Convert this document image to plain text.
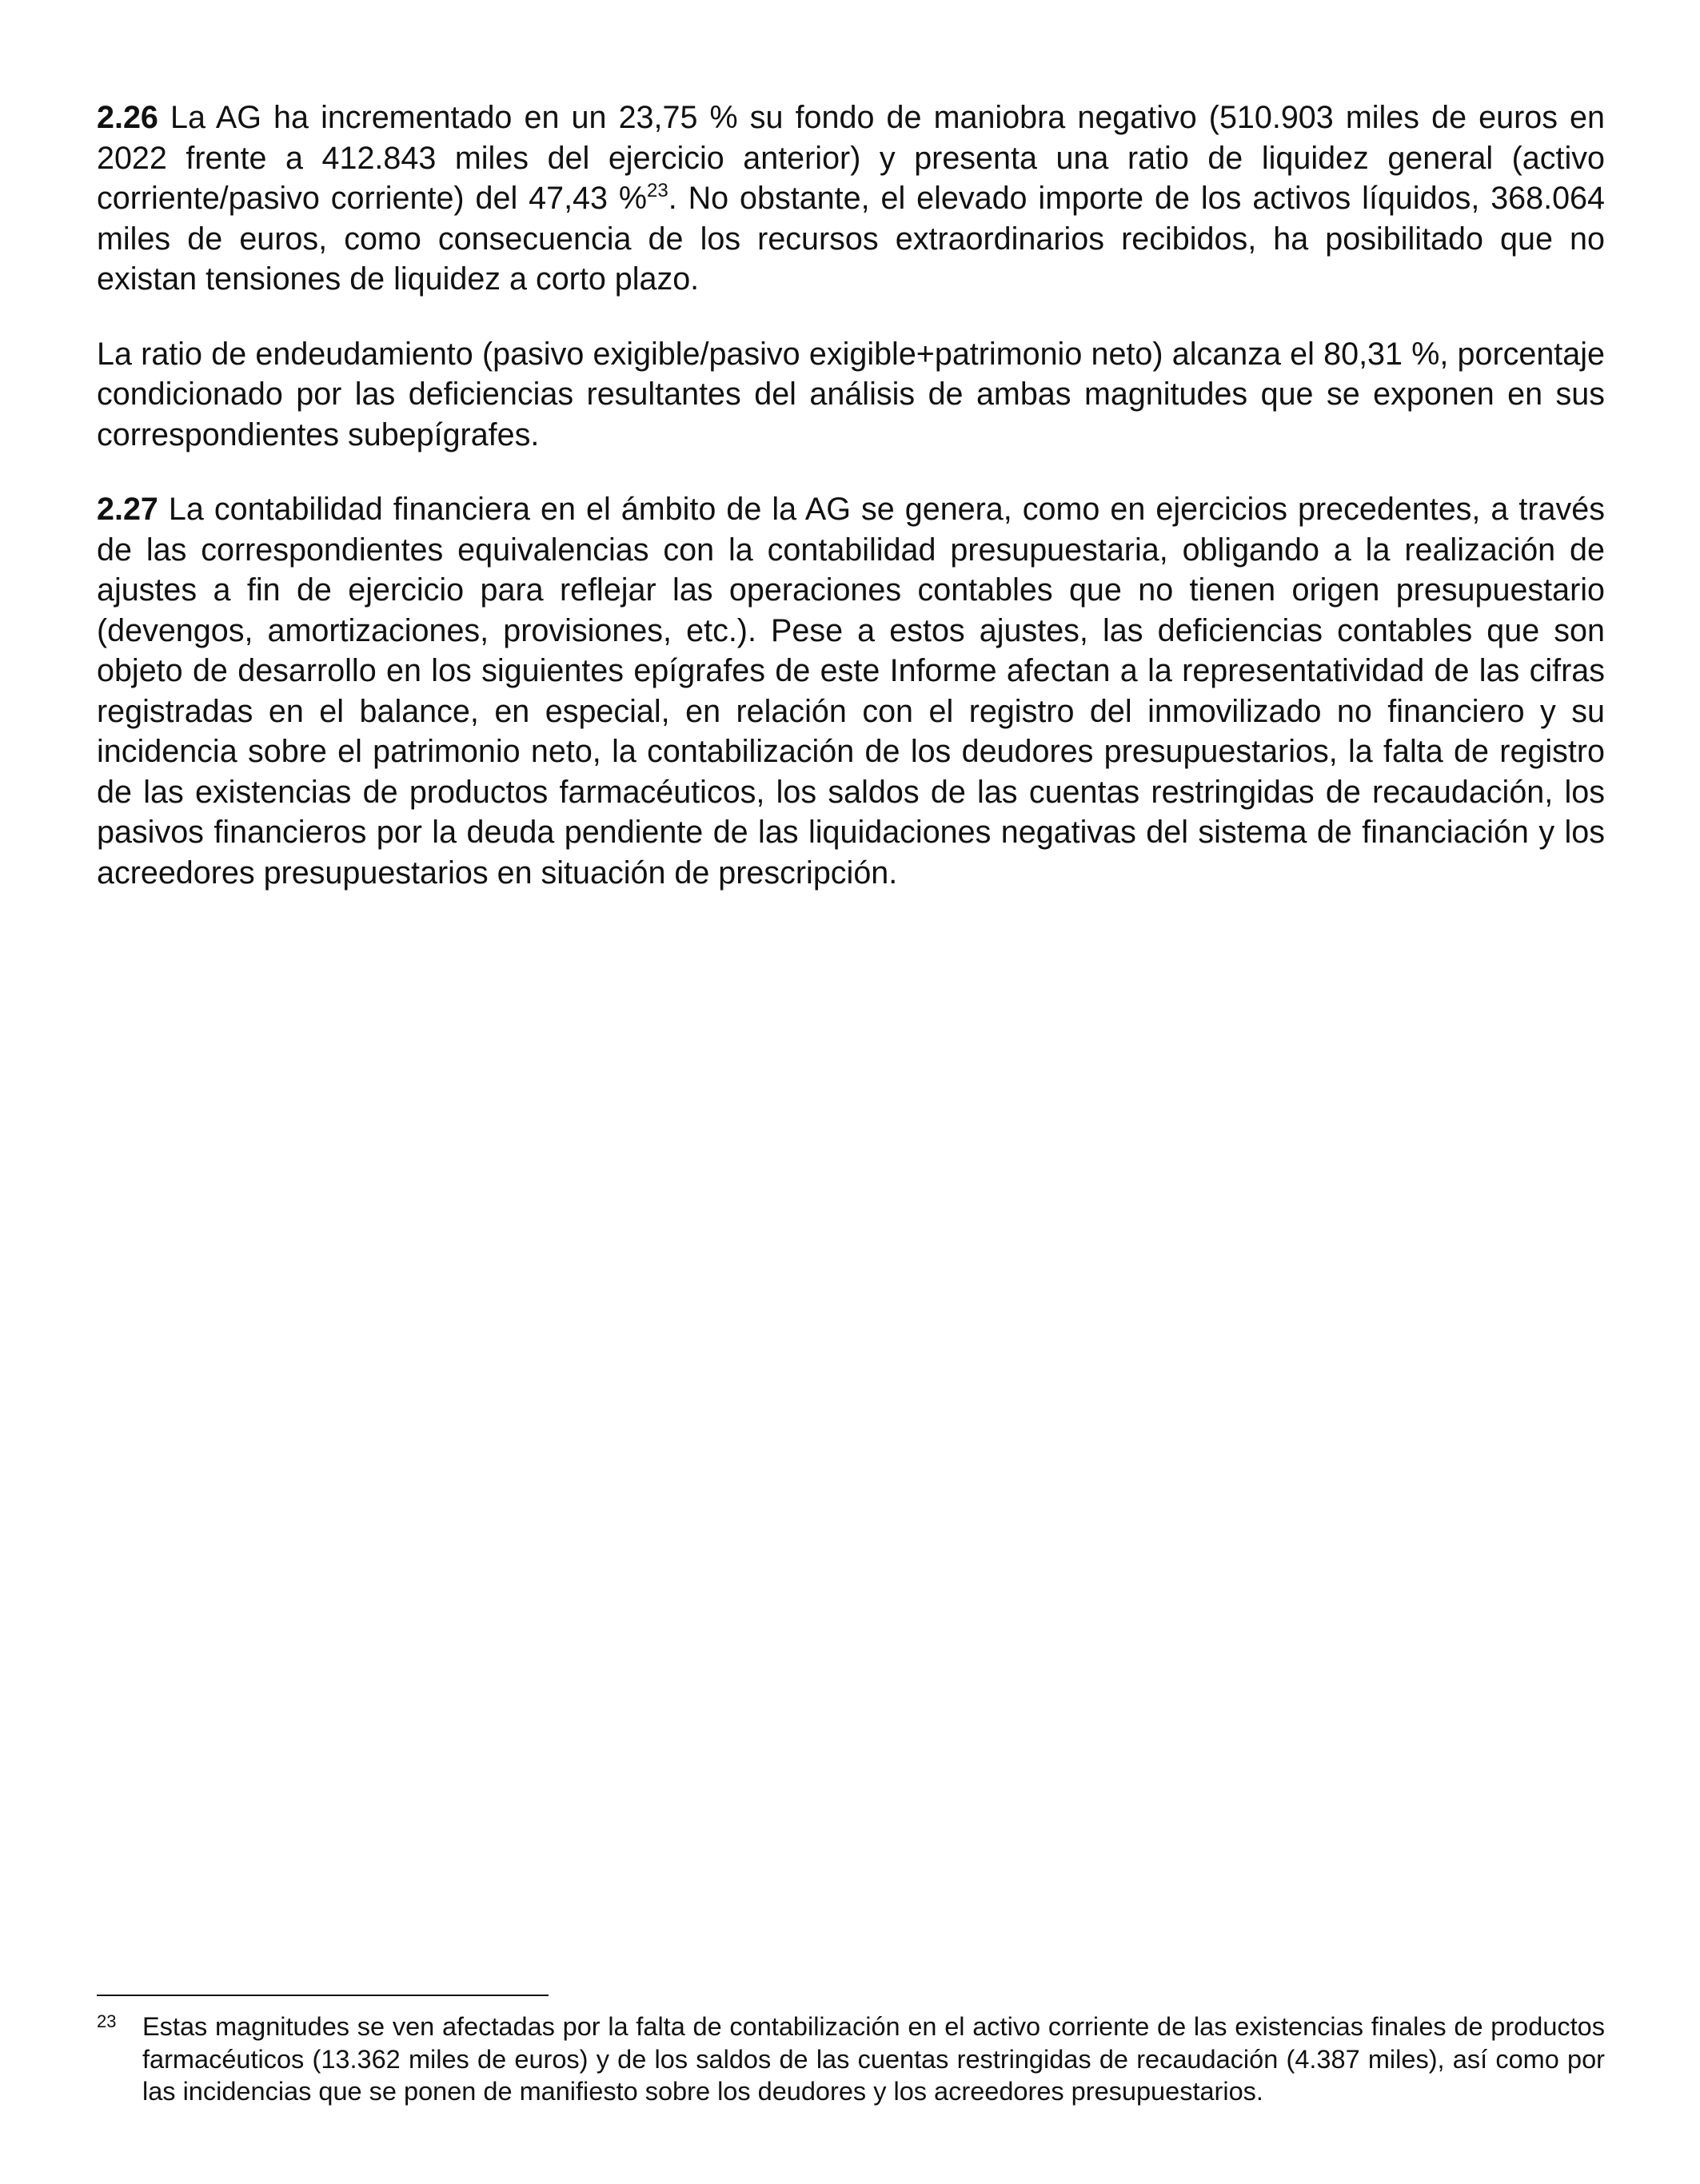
2.26 La AG ha incrementado en un 23,75 % su fondo de maniobra negativo (510.903 miles de euros en 2022 frente a 412.843 miles del ejercicio anterior) y presenta una ratio de liquidez general (activo corriente/pasivo corriente) del 47,43 %$^{23}$. No obstante, el elevado importe de los activos líquidos, 368.064 miles de euros, como consecuencia de los recursos extraordinarios recibidos, ha posibilitado que no existan tensiones de liquidez a corto plazo.

La ratio de endeudamiento (pasivo exigible/pasivo exigible+patrimonio neto) alcanza el 80,31 %, porcentaje condicionado por las deficiencias resultantes del análisis de ambas magnitudes que se exponen en sus correspondientes subepígrafes.

2.27 La contabilidad financiera en el ámbito de la AG se genera, como en ejercicios precedentes, a través de las correspondientes equivalencias con la contabilidad presupuestaria, obligando a la realización de ajustes a fin de ejercicio para reflejar las operaciones contables que no tienen origen presupuestario (devengos, amortizaciones, provisiones, etc.). Pese a estos ajustes, las deficiencias contables que son objeto de desarrollo en los siguientes epígrafes de este Informe afectan a la representatividad de las cifras registradas en el balance, en especial, en relación con el registro del inmovilizado no financiero y su incidencia sobre el patrimonio neto, la contabilización de los deudores presupuestarios, la falta de registro de las existencias de productos farmacéuticos, los saldos de las cuentas restringidas de recaudación, los pasivos financieros por la deuda pendiente de las liquidaciones negativas del sistema de financiación y los acreedores presupuestarios en situación de prescripción.

23 Estas magnitudes se ven afectadas por la falta de contabilización en el activo corriente de las existencias finales de productos farmacéuticos (13.362 miles de euros) y de los saldos de las cuentas restringidas de recaudación (4.387 miles), así como por las incidencias que se ponen de manifiesto sobre los deudores y los acreedores presupuestarios.
